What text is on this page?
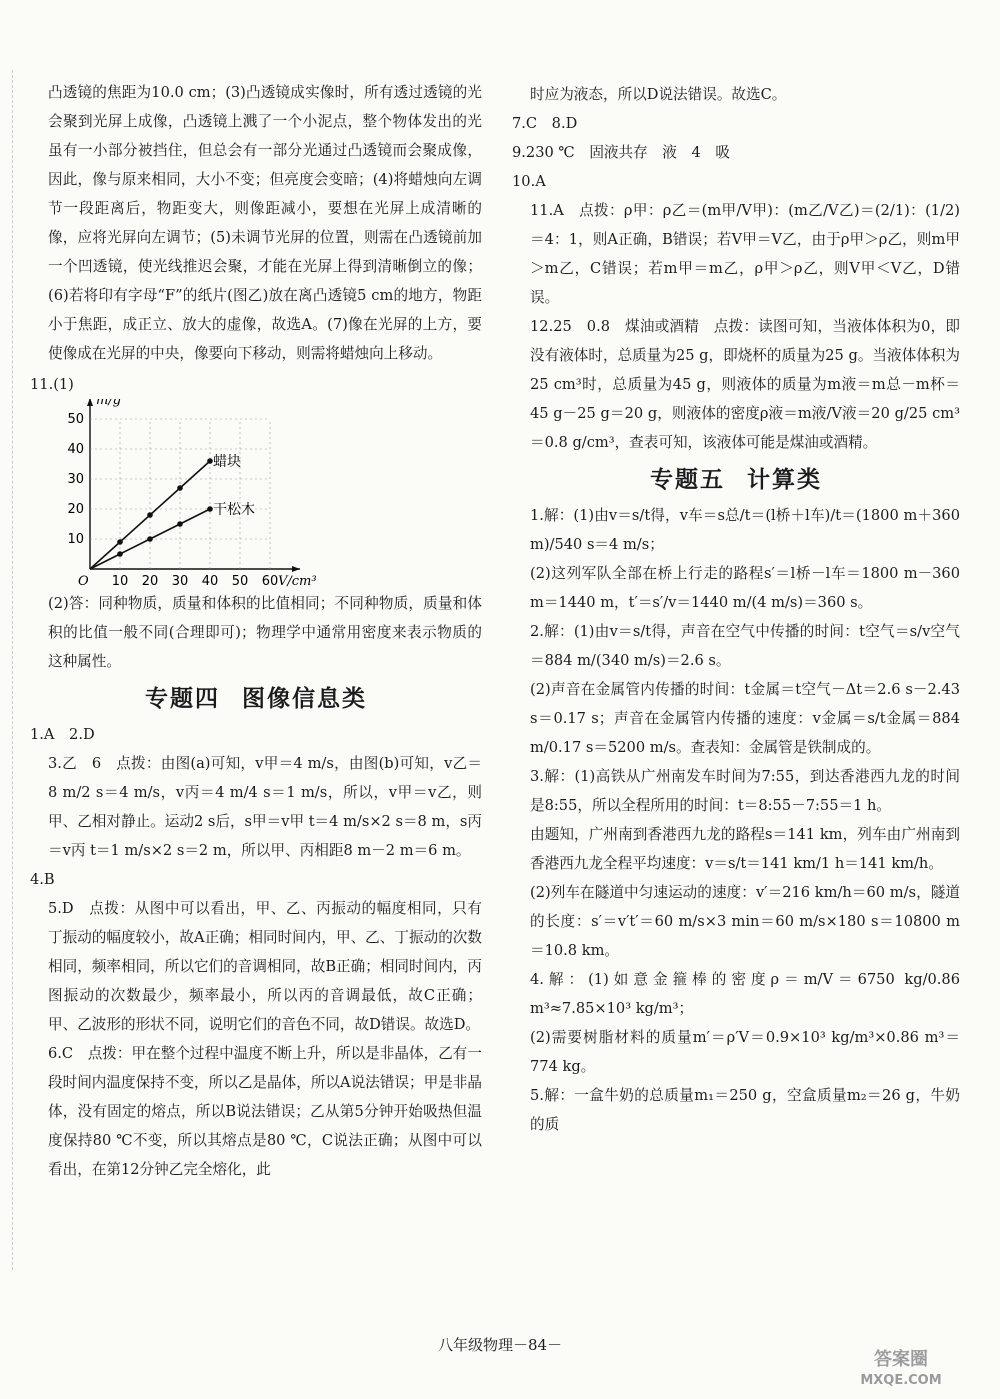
凸透镜的焦距为10.0 cm；(3)凸透镜成实像时，所有透过透镜的光会聚到光屏上成像，凸透镜上溅了一个小泥点，整个物体发出的光虽有一小部分被挡住，但总会有一部分光通过凸透镜而会聚成像，因此，像与原来相同，大小不变；但亮度会变暗；(4)将蜡烛向左调节一段距离后，物距变大，则像距减小，要想在光屏上成清晰的像，应将光屏向左调节；(5)未调节光屏的位置，则需在凸透镜前加一个凹透镜，使光线推迟会聚，才能在光屏上得到清晰倒立的像；(6)若将印有字母“F”的纸片(图乙)放在离凸透镜5 cm的地方，物距小于焦距，成正立、放大的虚像，故选A。(7)像在光屏的上方，要使像成在光屏的中央，像要向下移动，则需将蜡烛向上移动。

11.(1)
m/g
V/cm³
O
10
20
30
40
50
10 20 30 40 50 60
蜡块
干松木

(2)答：同种物质，质量和体积的比值相同；不同种物质，质量和体积的比值一般不同(合理即可)；物理学中通常用密度来表示物质的这种属性。

专题四 图像信息类

1.A　2.D

3.乙　6　点拨：由图(a)可知，v甲＝4 m/s，由图(b)可知，v乙＝8 m/2 s＝4 m/s，v丙＝4 m/4 s＝1 m/s，所以，v甲＝v乙，则甲、乙相对静止。运动2 s后，s甲＝v甲 t＝4 m/s×2 s＝8 m，s丙＝v丙 t＝1 m/s×2 s＝2 m，所以甲、丙相距8 m－2 m＝6 m。

4.B

5.D　点拨：从图中可以看出，甲、乙、丙振动的幅度相同，只有丁振动的幅度较小，故A正确；相同时间内，甲、乙、丁振动的次数相同，频率相同，所以它们的音调相同，故B正确；相同时间内，丙图振动的次数最少，频率最小，所以丙的音调最低，故C正确；甲、乙波形的形状不同，说明它们的音色不同，故D错误。故选D。

6.C　点拨：甲在整个过程中温度不断上升，所以是非晶体，乙有一段时间内温度保持不变，所以乙是晶体，所以A说法错误；甲是非晶体，没有固定的熔点，所以B说法错误；乙从第5分钟开始吸热但温度保持80 ℃不变，所以其熔点是80 ℃，C说法正确；从图中可以看出，在第12分钟乙完全熔化，此

时应为液态，所以D说法错误。故选C。

7.C　8.D

9.230 ℃　固液共存　液　4　吸

10.A

11.A　点拨：ρ甲：ρ乙＝(m甲/V甲)：(m乙/V乙)＝(2/1)：(1/2)＝4：1，则A正确，B错误；若V甲＝V乙，由于ρ甲＞ρ乙，则m甲＞m乙，C错误；若m甲＝m乙，ρ甲＞ρ乙，则V甲＜V乙，D错误。

12.25　0.8　煤油或酒精　点拨：读图可知，当液体体积为0，即没有液体时，总质量为25 g，即烧杯的质量为25 g。当液体体积为25 cm³时，总质量为45 g，则液体的质量为m液＝m总－m杯＝45 g－25 g＝20 g，则液体的密度ρ液＝m液/V液＝20 g/25 cm³＝0.8 g/cm³，查表可知，该液体可能是煤油或酒精。

专题五 计算类

1.解：(1)由v＝s/t得，v车＝s总/t＝(l桥＋l车)/t＝(1800 m＋360 m)/540 s＝4 m/s；

(2)这列军队全部在桥上行走的路程s′＝l桥－l车＝1800 m－360 m＝1440 m，t′＝s′/v＝1440 m/(4 m/s)＝360 s。

2.解：(1)由v＝s/t得，声音在空气中传播的时间：t空气＝s/v空气＝884 m/(340 m/s)＝2.6 s。

(2)声音在金属管内传播的时间：t金属＝t空气－Δt＝2.6 s－2.43 s＝0.17 s；声音在金属管内传播的速度：v金属＝s/t金属＝884 m/0.17 s＝5200 m/s。查表知：金属管是铁制成的。

3.解：(1)高铁从广州南发车时间为7:55，到达香港西九龙的时间是8:55，所以全程所用的时间：t＝8:55－7:55＝1 h。

由题知，广州南到香港西九龙的路程s＝141 km，列车由广州南到香港西九龙全程平均速度：v＝s/t＝141 km/1 h＝141 km/h。

(2)列车在隧道中匀速运动的速度：v′＝216 km/h＝60 m/s，隧道的长度：s′＝v′t′＝60 m/s×3 min＝60 m/s×180 s＝10800 m＝10.8 km。

4.解：(1)如意金箍棒的密度ρ＝m/V＝6750 kg/0.86 m³≈7.85×10³ kg/m³；

(2)需要树脂材料的质量m′＝ρ′V＝0.9×10³ kg/m³×0.86 m³＝774 kg。

5.解：一盒牛奶的总质量m₁＝250 g，空盒质量m₂＝26 g，牛奶的质

八年级物理－84－
答案圈
MXQE.COM
